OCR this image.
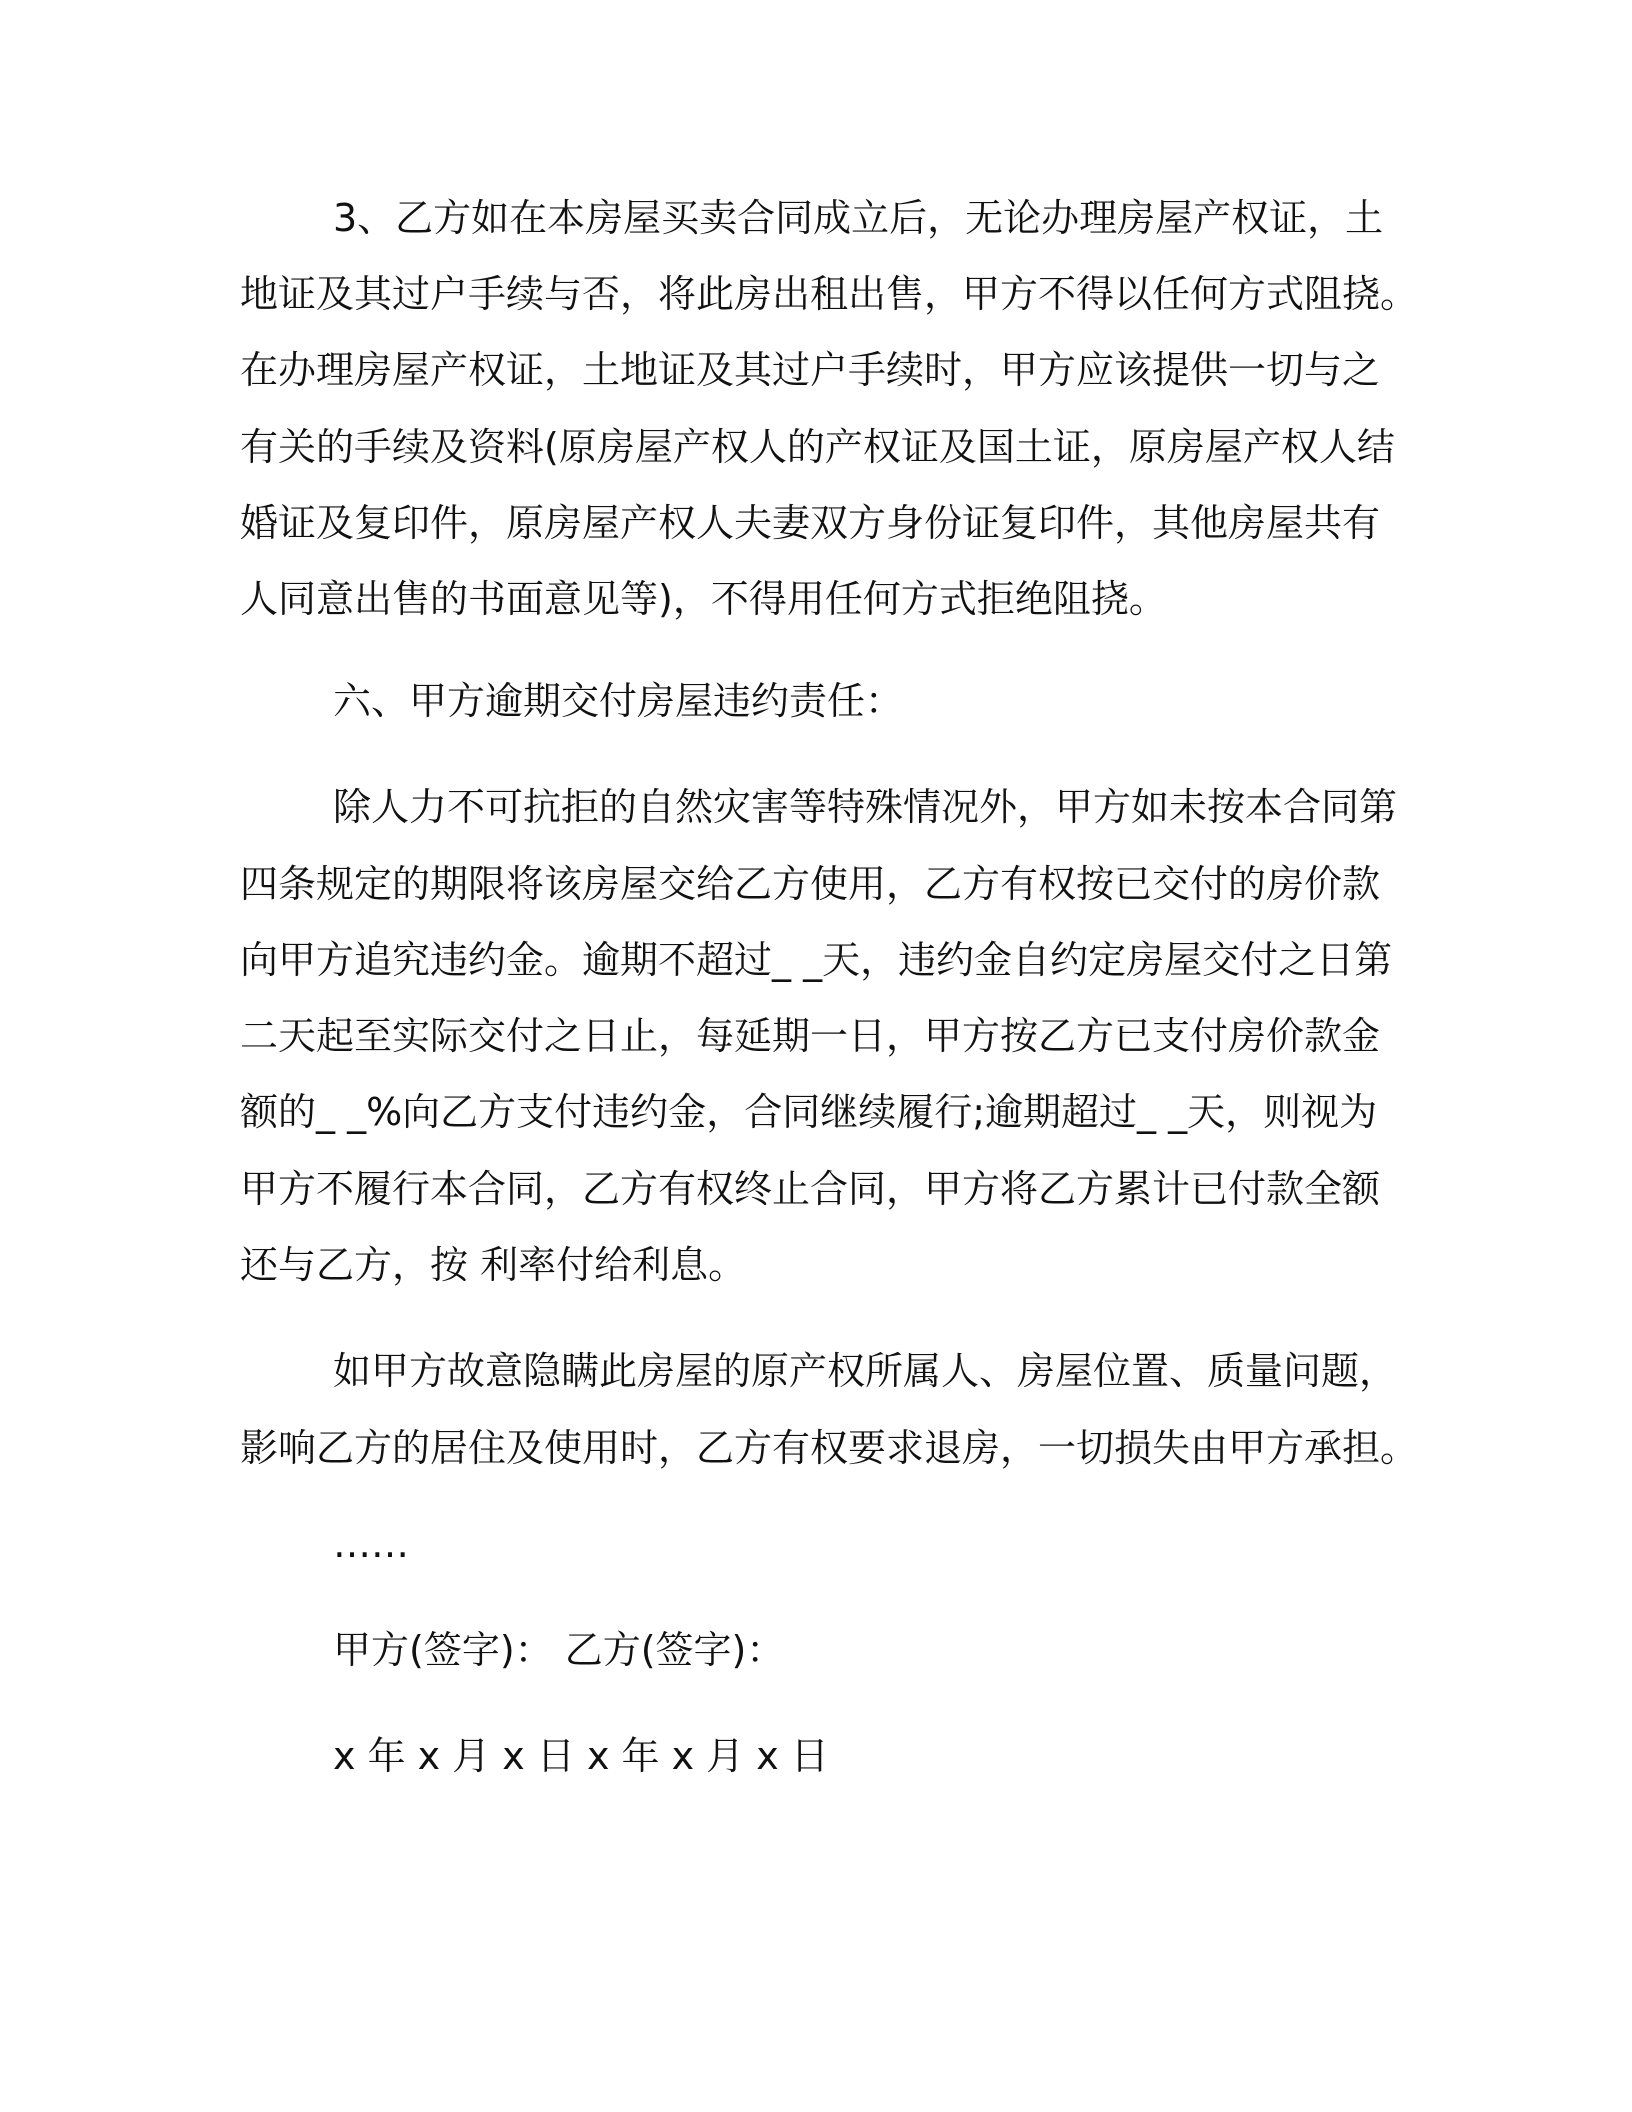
3、乙方如在本房屋买卖合同成立后，无论办理房屋产权证，土

地证及其过户手续与否，将此房出租出售，甲方不得以任何方式阻挠。

在办理房屋产权证，土地证及其过户手续时，甲方应该提供一切与之

有关的手续及资料(原房屋产权人的产权证及国土证，原房屋产权人结

婚证及复印件，原房屋产权人夫妻双方身份证复印件，其他房屋共有

人同意出售的书面意见等)，不得用任何方式拒绝阻挠。

六、甲方逾期交付房屋违约责任：

除人力不可抗拒的自然灾害等特殊情况外，甲方如未按本合同第

四条规定的期限将该房屋交给乙方使用，乙方有权按已交付的房价款

向甲方追究违约金。逾期不超过_ _天，违约金自约定房屋交付之日第

二天起至实际交付之日止，每延期一日，甲方按乙方已支付房价款金

额的_ _%向乙方支付违约金，合同继续履行;逾期超过_ _天，则视为

甲方不履行本合同，乙方有权终止合同，甲方将乙方累计已付款全额

还与乙方，按 利率付给利息。

如甲方故意隐瞒此房屋的原产权所属人、房屋位置、质量问题，

影响乙方的居住及使用时，乙方有权要求退房，一切损失由甲方承担。

……

甲方(签字)： 乙方(签字)：

x 年 x 月 x 日 x 年 x 月 x 日
